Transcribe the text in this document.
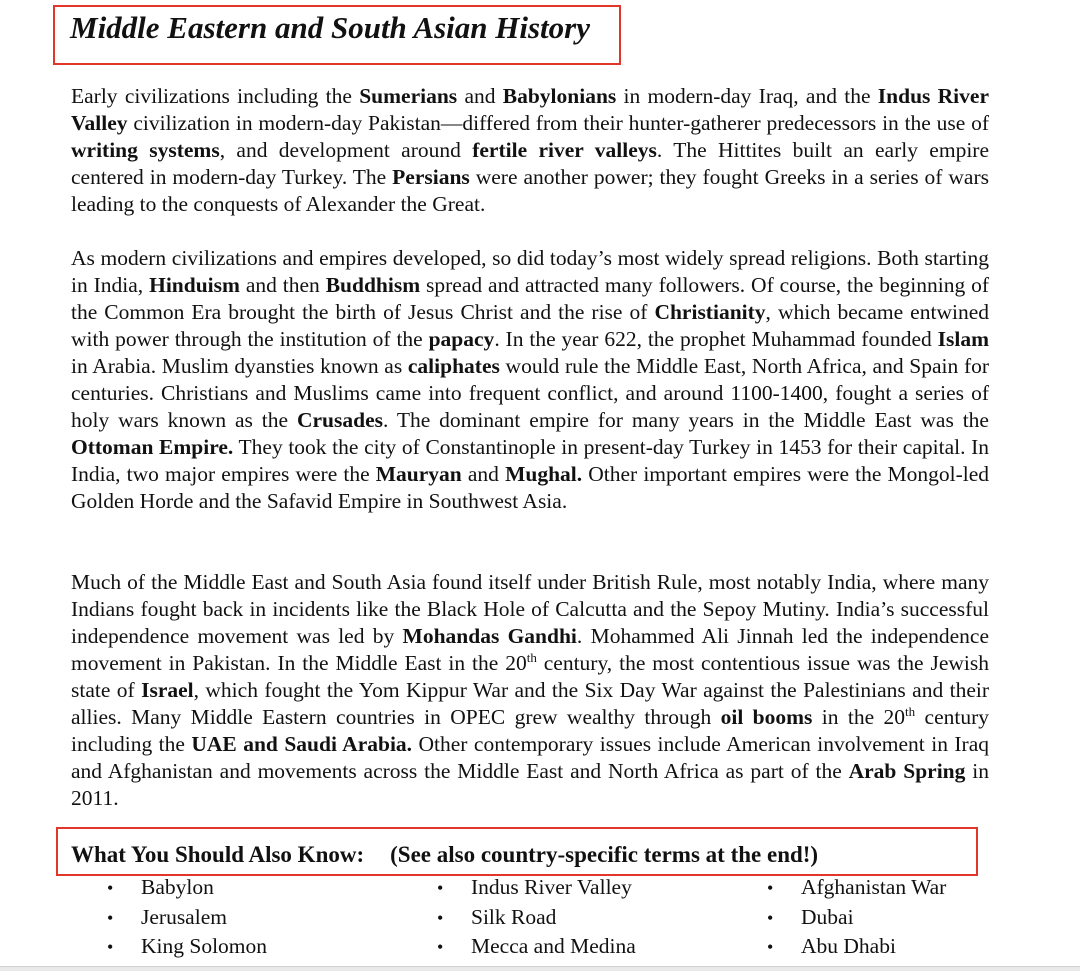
Middle Eastern and South Asian History

Early civilizations including the Sumerians and Babylonians in modern-day Iraq, and the Indus River Valley civilization in modern-day Pakistan—differed from their hunter-gatherer predecessors in the use of writing systems, and development around fertile river valleys. The Hittites built an early empire centered in modern-day Turkey. The Persians were another power; they fought Greeks in a series of wars leading to the conquests of Alexander the Great.

As modern civilizations and empires developed, so did today’s most widely spread religions. Both starting in India, Hinduism and then Buddhism spread and attracted many followers. Of course, the beginning of the Common Era brought the birth of Jesus Christ and the rise of Christianity, which became entwined with power through the institution of the papacy. In the year 622, the prophet Muhammad founded Islam in Arabia. Muslim dyansties known as caliphates would rule the Middle East, North Africa, and Spain for centuries. Christians and Muslims came into frequent conflict, and around 1100-1400, fought a series of holy wars known as the Crusades. The dominant empire for many years in the Middle East was the Ottoman Empire. They took the city of Constantinople in present-day Turkey in 1453 for their capital. In India, two major empires were the Mauryan and Mughal. Other important empires were the Mongol-led Golden Horde and the Safavid Empire in Southwest Asia.

Much of the Middle East and South Asia found itself under British Rule, most notably India, where many Indians fought back in incidents like the Black Hole of Calcutta and the Sepoy Mutiny. India’s successful independence movement was led by Mohandas Gandhi. Mohammed Ali Jinnah led the independence movement in Pakistan. In the Middle East in the 20th century, the most contentious issue was the Jewish state of Israel, which fought the Yom Kippur War and the Six Day War against the Palestinians and their allies. Many Middle Eastern countries in OPEC grew wealthy through oil booms in the 20th century including the UAE and Saudi Arabia. Other contemporary issues include American involvement in Iraq and Afghanistan and movements across the Middle East and North Africa as part of the Arab Spring in 2011.

What You Should Also Know: (See also country-specific terms at the end!)
• Babylon
• Jerusalem
• King Solomon
• Indus River Valley
• Silk Road
• Mecca and Medina
• Afghanistan War
• Dubai
• Abu Dhabi
